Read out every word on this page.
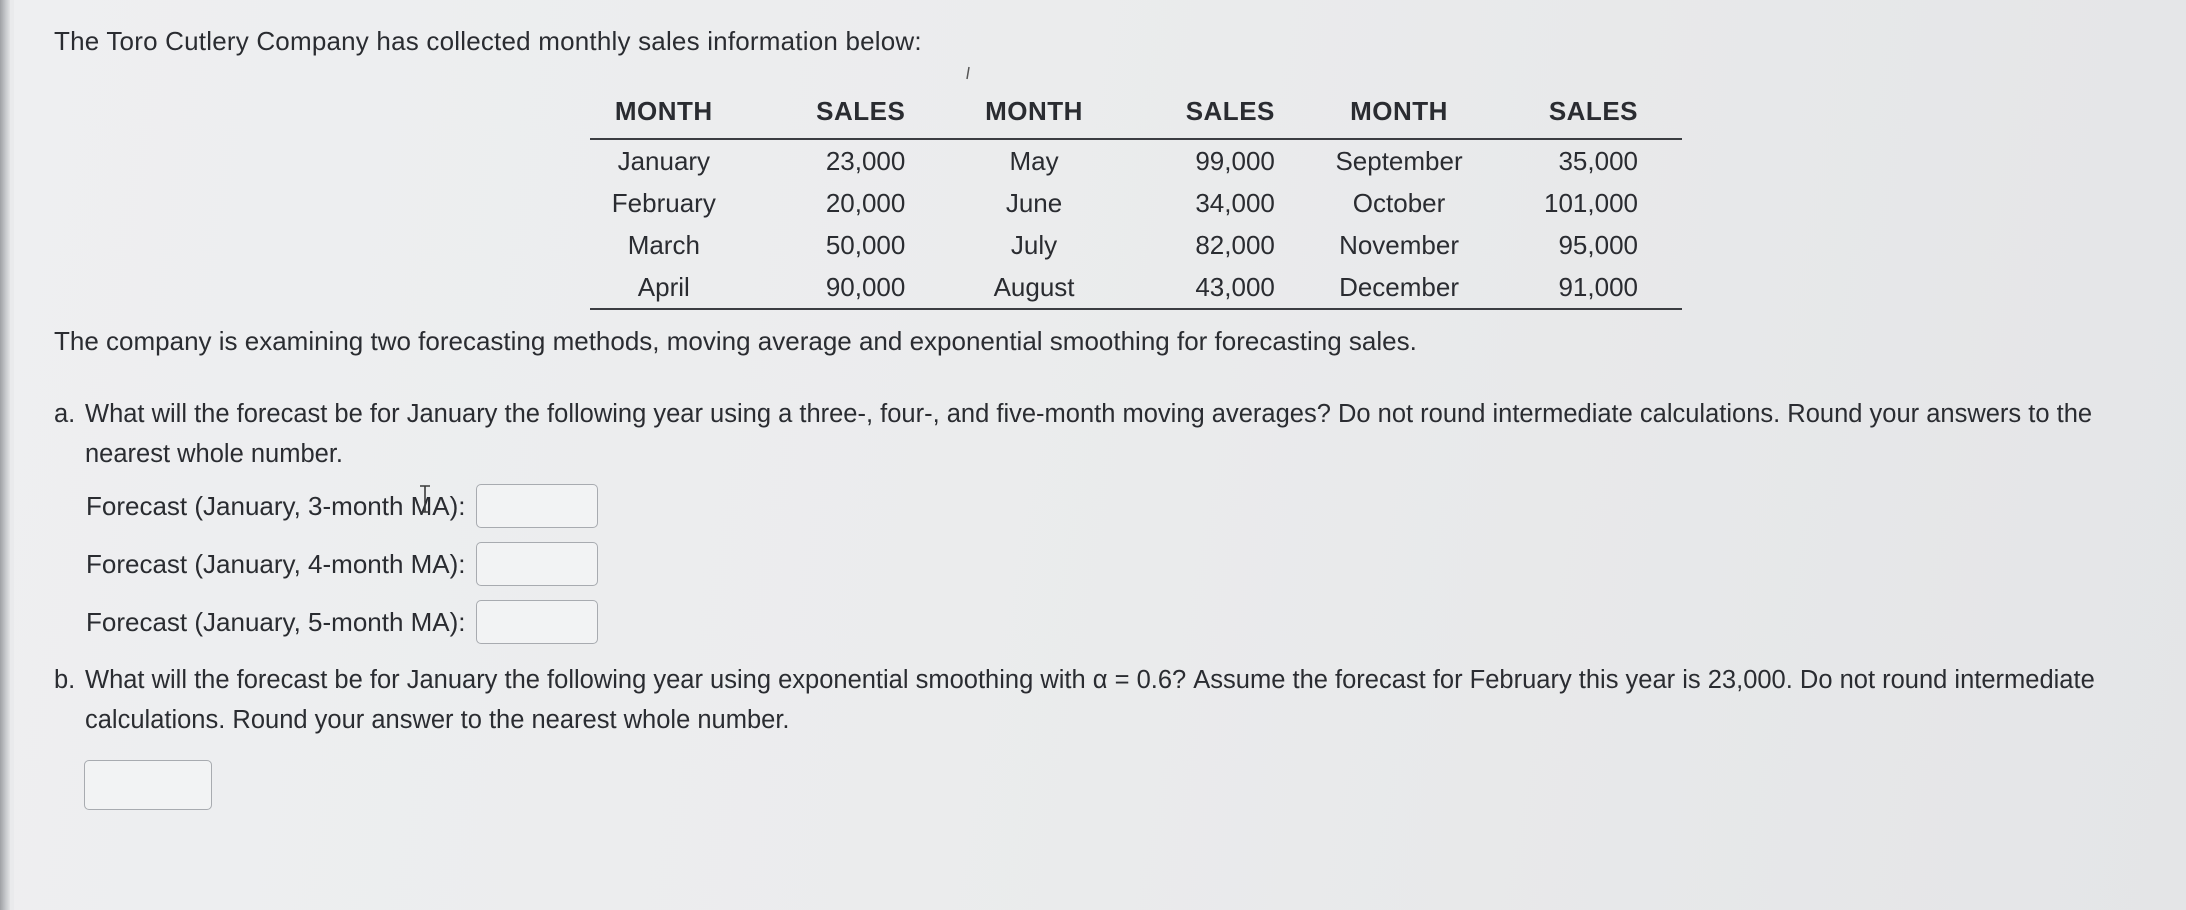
The Toro Cutlery Company has collected monthly sales information below:
MONTH	SALES	MONTH	SALES	MONTH	SALES
January	23,000	May	99,000	September	35,000
February	20,000	June	34,000	October	101,000
March	50,000	July	82,000	November	95,000
April	90,000	August	43,000	December	91,000
The company is examining two forecasting methods, moving average and exponential smoothing for forecasting sales.
a. What will the forecast be for January the following year using a three-, four-, and five-month moving averages? Do not round intermediate calculations. Round your answers to the nearest whole number.
Forecast (January, 3-month MA):
Forecast (January, 4-month MA):
Forecast (January, 5-month MA):
b. What will the forecast be for January the following year using exponential smoothing with α = 0.6? Assume the forecast for February this year is 23,000. Do not round intermediate calculations. Round your answer to the nearest whole number.
